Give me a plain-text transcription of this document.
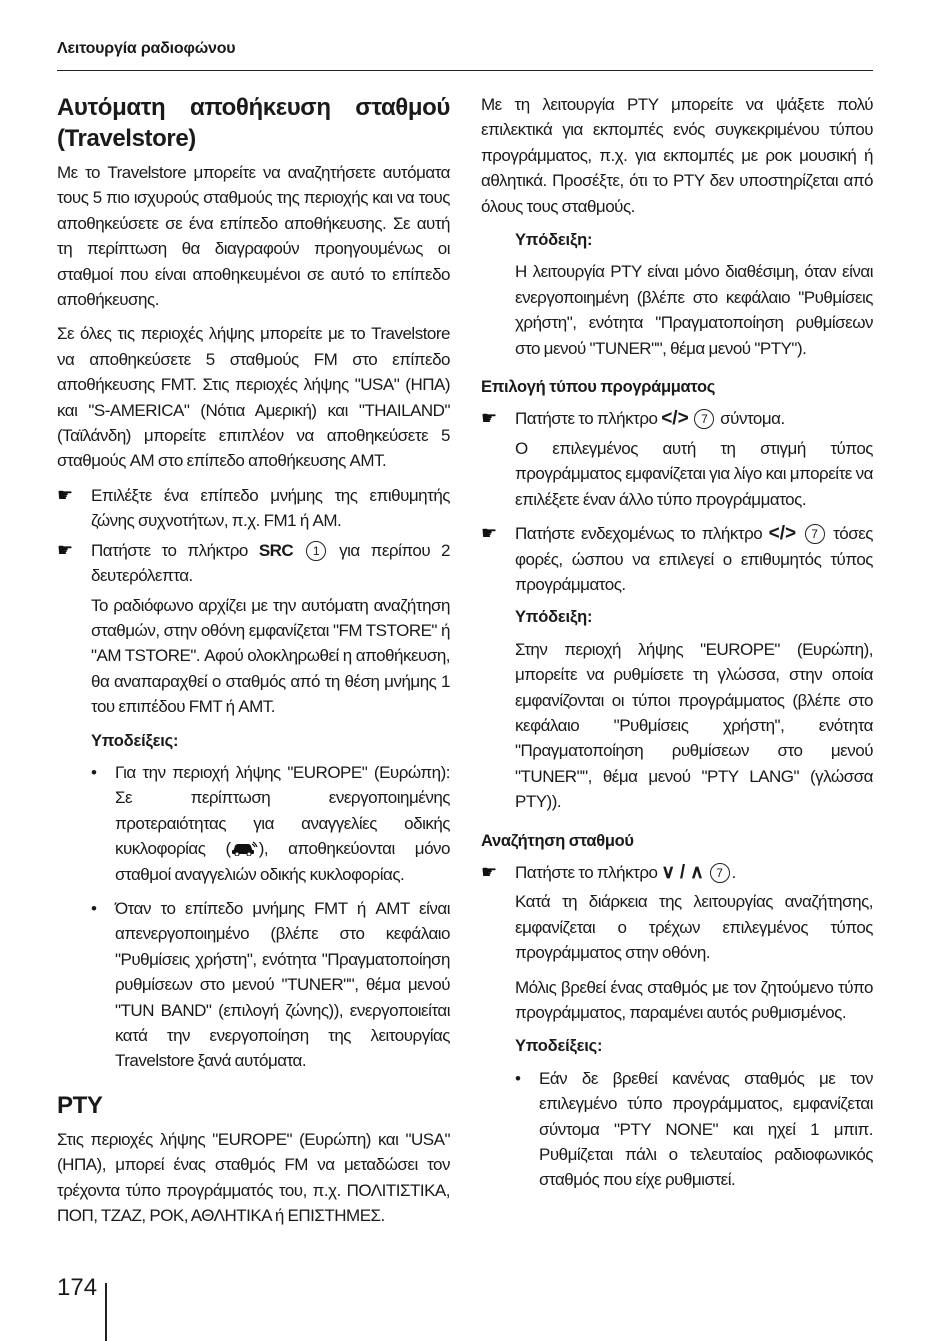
Λειτουργία ραδιοφώνου
Αυτόματη αποθήκευση σταθμού (Travelstore)

Με το Travelstore μπορείτε να αναζητήσετε αυτόματα τους 5 πιο ισχυρούς σταθμούς της περιοχής και να τους αποθηκεύσετε σε ένα επίπεδο αποθήκευσης. Σε αυτή τη περίπτωση θα διαγραφούν προηγουμένως οι σταθμοί που είναι αποθηκευμένοι σε αυτό το επίπεδο αποθήκευσης.

Σε όλες τις περιοχές λήψης μπορείτε με το Travelstore να αποθηκεύσετε 5 σταθμούς FM στο επίπεδο αποθήκευσης FMT. Στις περιοχές λήψης "USA" (ΗΠΑ) και "S-AMERICA" (Νότια Αμερική) και "THAILAND" (Ταϊλάνδη) μπορείτε επιπλέον να αποθηκεύσετε 5 σταθμούς AM στο επίπεδο αποθήκευσης AMT.

☛	Επιλέξτε ένα επίπεδο μνήμης της επιθυμητής ζώνης συχνοτήτων, π.χ. FM1 ή AM.
☛	Πατήστε το πλήκτρο SRC 1 για περίπου 2 δευτερόλεπτα.

Το ραδιόφωνο αρχίζει με την αυτόματη αναζήτηση σταθμών, στην οθόνη εμφανίζεται "FM TSTORE" ή "AM TSTORE". Αφού ολοκληρωθεί η αποθήκευση, θα αναπαραχθεί ο σταθμός από τη θέση μνήμης 1 του επιπέδου FMT ή AMT.

Υποδείξεις:
•	Για την περιοχή λήψης "EUROPE" (Ευρώπη): Σε περίπτωση ενεργοποιημένης προτεραιότητας για αναγγελίες οδικής κυκλοφορίας ( ), αποθηκεύονται μόνο σταθμοί αναγγελιών οδικής κυκλοφορίας.
•	Όταν το επίπεδο μνήμης FMT ή AMT είναι απενεργοποιημένο (βλέπε στο κεφάλαιο "Ρυθμίσεις χρήστη", ενότητα "Πραγματοποίηση ρυθμίσεων στο μενού "TUNER"", θέμα μενού "TUN BAND" (επιλογή ζώνης)), ενεργοποιείται κατά την ενεργοποίηση της λειτουργίας Travelstore ξανά αυτόματα.
PTY

Στις περιοχές λήψης "EUROPE" (Ευρώπη) και "USA" (ΗΠΑ), μπορεί ένας σταθμός FM να μεταδώσει τον τρέχοντα τύπο προγράμματός του, π.χ. ΠΟΛΙΤΙΣΤΙΚΑ, ΠΟΠ, ΤΖΑΖ, ΡΟΚ, ΑΘΛΗΤΙΚΑ ή ΕΠΙΣΤΗΜΕΣ.

Με τη λειτουργία PTY μπορείτε να ψάξετε πολύ επιλεκτικά για εκπομπές ενός συγκεκριμένου τύπου προγράμματος, π.χ. για εκπομπές με ροκ μουσική ή αθλητικά. Προσέξτε, ότι το PTY δεν υποστηρίζεται από όλους τους σταθμούς.

Υπόδειξη:

Η λειτουργία PTY είναι μόνο διαθέσιμη, όταν είναι ενεργοποιημένη (βλέπε στο κεφάλαιο "Ρυθμίσεις χρήστη", ενότητα "Πραγματοποίηση ρυθμίσεων στο μενού "TUNER"", θέμα μενού "PTY").

Επιλογή τύπου προγράμματος
☛	Πατήστε το πλήκτρο </> 7 σύντομα.

Ο επιλεγμένος αυτή τη στιγμή τύπος προγράμματος εμφανίζεται για λίγο και μπορείτε να επιλέξετε έναν άλλο τύπο προγράμματος.

☛	Πατήστε ενδεχομένως το πλήκτρο </> 7 τόσες φορές, ώσπου να επιλεγεί ο επιθυμητός τύπος προγράμματος.
Υπόδειξη:

Στην περιοχή λήψης "EUROPE" (Ευρώπη), μπορείτε να ρυθμίσετε τη γλώσσα, στην οποία εμφανίζονται οι τύποι προγράμματος (βλέπε στο κεφάλαιο "Ρυθμίσεις χρήστη", ενότητα "Πραγματοποίηση ρυθμίσεων στο μενού "TUNER"", θέμα μενού "PTY LANG" (γλώσσα PTY)).

Αναζήτηση σταθμού
☛	Πατήστε το πλήκτρο ∨ / ∧ 7 .

Κατά τη διάρκεια της λειτουργίας αναζήτησης, εμφανίζεται ο τρέχων επιλεγμένος τύπος προγράμματος στην οθόνη.

Μόλις βρεθεί ένας σταθμός με τον ζητούμενο τύπο προγράμματος, παραμένει αυτός ρυθμισμένος.

Υποδείξεις:
•	Εάν δε βρεθεί κανένας σταθμός με τον επιλεγμένο τύπο προγράμματος, εμφανίζεται σύντομα "PTY NONE" και ηχεί 1 μπιπ. Ρυθμίζεται πάλι ο τελευταίος ραδιοφωνικός σταθμός που είχε ρυθμιστεί.
174
